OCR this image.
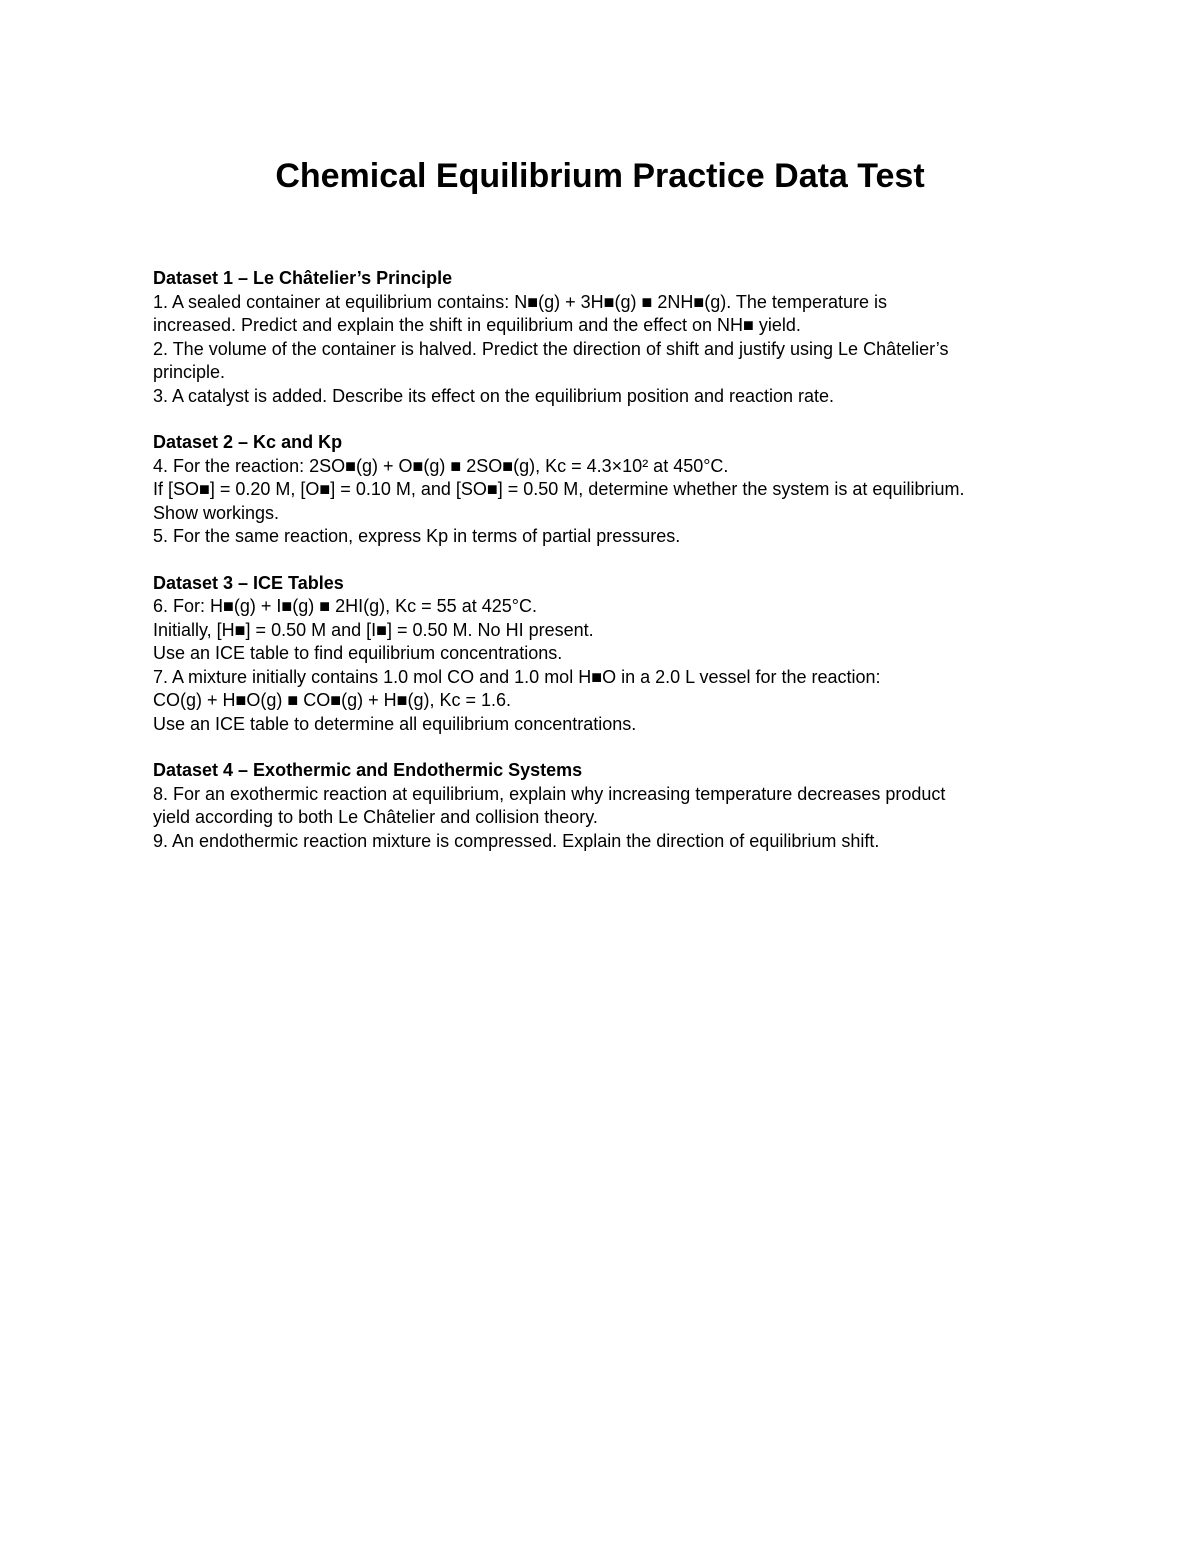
Chemical Equilibrium Practice Data Test

Dataset 1 – Le Châtelier’s Principle

1. A sealed container at equilibrium contains: N■(g) + 3H■(g) ■ 2NH■(g). The temperature is

increased. Predict and explain the shift in equilibrium and the effect on NH■ yield.

2. The volume of the container is halved. Predict the direction of shift and justify using Le Châtelier’s

principle.

3. A catalyst is added. Describe its effect on the equilibrium position and reaction rate.

Dataset 2 – Kc and Kp

4. For the reaction: 2SO■(g) + O■(g) ■ 2SO■(g), Kc = 4.3×10² at 450°C.

If [SO■] = 0.20 M, [O■] = 0.10 M, and [SO■] = 0.50 M, determine whether the system is at equilibrium.

Show workings.

5. For the same reaction, express Kp in terms of partial pressures.

Dataset 3 – ICE Tables

6. For: H■(g) + I■(g) ■ 2HI(g), Kc = 55 at 425°C.

Initially, [H■] = 0.50 M and [I■] = 0.50 M. No HI present.

Use an ICE table to find equilibrium concentrations.

7. A mixture initially contains 1.0 mol CO and 1.0 mol H■O in a 2.0 L vessel for the reaction:

CO(g) + H■O(g) ■ CO■(g) + H■(g), Kc = 1.6.

Use an ICE table to determine all equilibrium concentrations.

Dataset 4 – Exothermic and Endothermic Systems

8. For an exothermic reaction at equilibrium, explain why increasing temperature decreases product

yield according to both Le Châtelier and collision theory.

9. An endothermic reaction mixture is compressed. Explain the direction of equilibrium shift.
